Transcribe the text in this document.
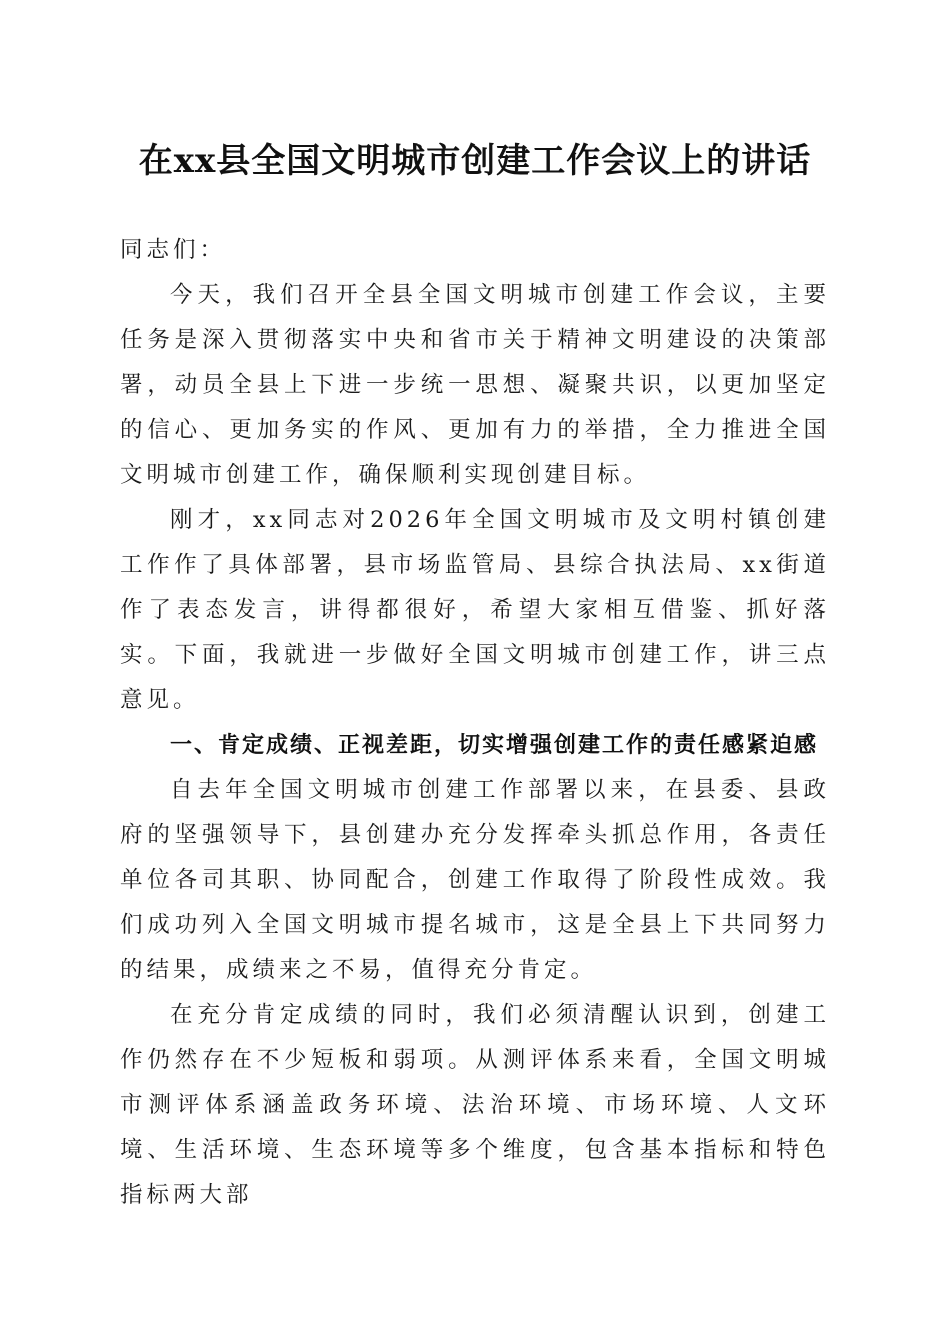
在xx县全国文明城市创建工作会议上的讲话

同志们：

今天，我们召开全县全国文明城市创建工作会议，主要任务是深入贯彻落实中央和省市关于精神文明建设的决策部署，动员全县上下进一步统一思想、凝聚共识，以更加坚定的信心、更加务实的作风、更加有力的举措，全力推进全国文明城市创建工作，确保顺利实现创建目标。

刚才，xx同志对2026年全国文明城市及文明村镇创建工作作了具体部署，县市场监管局、县综合执法局、xx街道作了表态发言，讲得都很好，希望大家相互借鉴、抓好落实。下面，我就进一步做好全国文明城市创建工作，讲三点意见。

一、肯定成绩、正视差距，切实增强创建工作的责任感紧迫感

自去年全国文明城市创建工作部署以来，在县委、县政府的坚强领导下，县创建办充分发挥牵头抓总作用，各责任单位各司其职、协同配合，创建工作取得了阶段性成效。我们成功列入全国文明城市提名城市，这是全县上下共同努力的结果，成绩来之不易，值得充分肯定。

在充分肯定成绩的同时，我们必须清醒认识到，创建工作仍然存在不少短板和弱项。从测评体系来看，全国文明城市测评体系涵盖政务环境、法治环境、市场环境、人文环境、生活环境、生态环境等多个维度，包含基本指标和特色指标两大部
